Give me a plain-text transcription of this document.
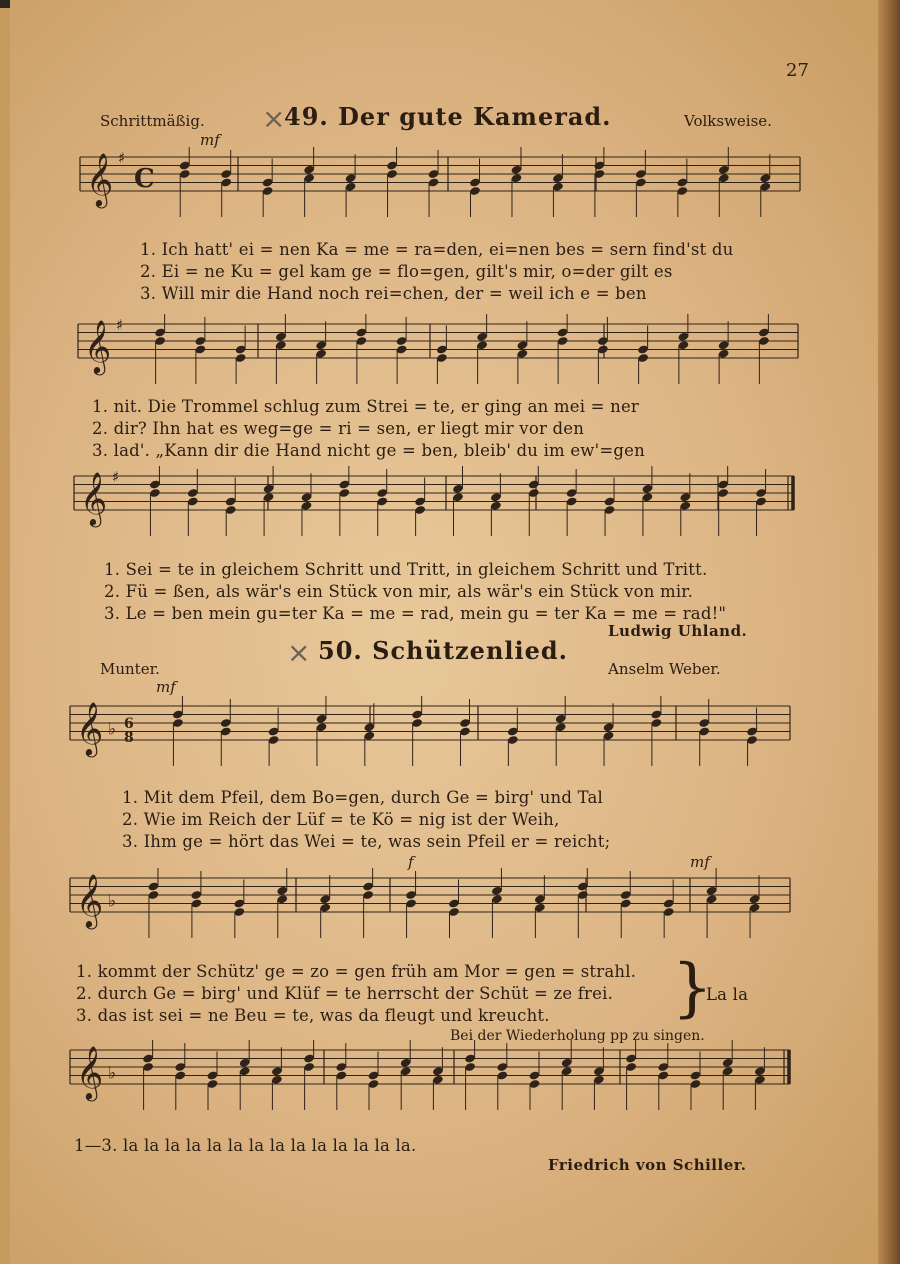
27
Schrittmäßig. ×
49. Der gute Kamerad.	Volksweise.
mf
𝄞 ♯
C
1. Ich hatt' ei = nen Ka = me = ra=den, ei=nen bes = sern find'st du
2. Ei = ne Ku = gel kam ge = flo=gen, gilt's mir, o=der gilt es
3. Will mir die Hand noch rei=chen, der = weil ich e = ben
𝄞 ♯
1. nit. Die Trommel schlug zum Strei = te, er ging an mei = ner
2. dir? Ihn hat es weg=ge = ri = sen, er liegt mir vor den
3. lad'. „Kann dir die Hand nicht ge = ben, bleib' du im ew'=gen
𝄞 ♯
1. Sei = te in gleichem Schritt und Tritt, in gleichem Schritt und Tritt.
2. Fü = ßen, als wär's ein Stück von mir, als wär's ein Stück von mir.
3. Le = ben mein gu=ter Ka = me = rad, mein gu = ter Ka = me = rad!"
Ludwig Uhland.
× 50. Schützenlied.
Munter.	Anselm Weber.
mf
𝄞 ♭ 6 8
1. Mit dem Pfeil, dem Bo=gen, durch Ge = birg' und Tal
2. Wie im Reich der Lüf = te Kö = nig ist der Weih,
3. Ihm ge = hört das Wei = te, was sein Pfeil er = reicht;
f	mf
𝄞 ♭
1. kommt der Schütz' ge = zo = gen früh am Mor = gen = strahl.
2. durch Ge = birg' und Klüf = te herrscht der Schüt = ze frei.
3. das ist sei = ne Beu = te, was da fleugt und kreucht. }
La la
Bei der Wiederholung pp zu singen.
𝄞 ♭
1—3. la la la la la la la la la la la la la la.
Friedrich von Schiller.
